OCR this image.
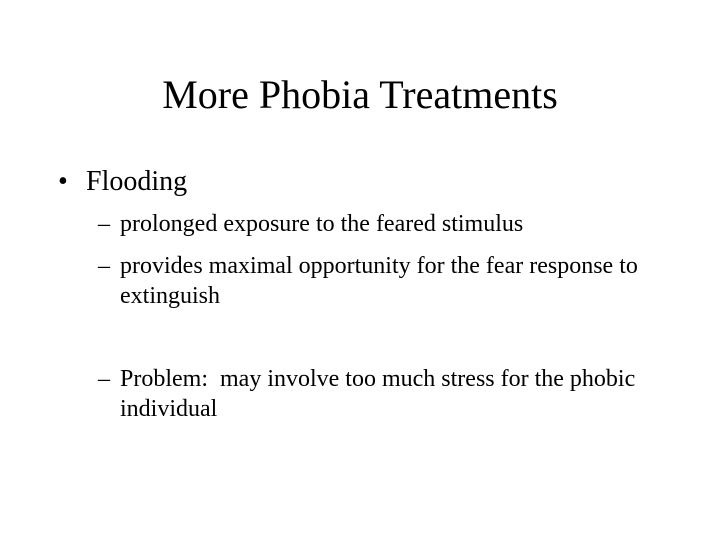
More Phobia Treatments
• Flooding
– prolonged exposure to the feared stimulus
– provides maximal opportunity for the fear response to extinguish
– Problem:  may involve too much stress for the phobic individual
